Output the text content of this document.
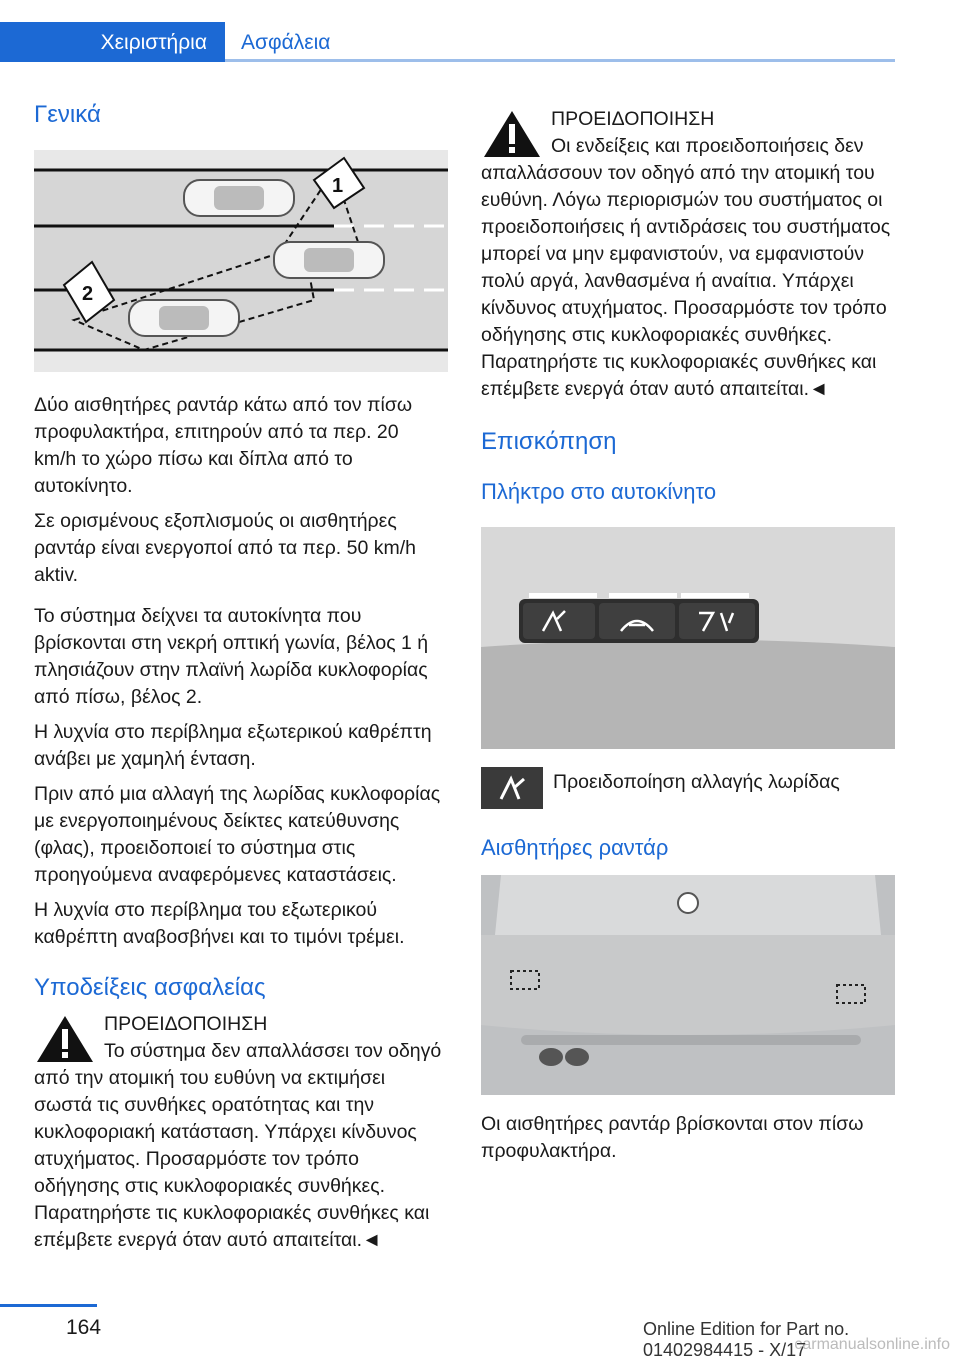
Χειριστήρια	Ασφάλεια
Γενικά
1
2

Δύο αισθητήρες ραντάρ κάτω από τον πίσω προφυλακτήρα, επιτηρούν από τα περ. 20 km/h το χώρο πίσω και δίπλα από το αυτοκίνητο.

Σε ορισμένους εξοπλισμούς οι αισθητήρες ραντάρ είναι ενεργοποί από τα περ. 50 km/h aktiv.

Το σύστημα δείχνει τα αυτοκίνητα που βρίσκονται στη νεκρή οπτική γωνία, βέλος 1 ή πλησιάζουν στην πλαϊνή λωρίδα κυκλοφορίας από πίσω, βέλος 2.

Η λυχνία στο περίβλημα εξωτερικού καθρέπτη ανάβει με χαμηλή ένταση.

Πριν από μια αλλαγή της λωρίδας κυκλοφορίας με ενεργοποιημένους δείκτες κατεύθυνσης (φλας), προειδοποιεί το σύστημα στις προηγούμενα αναφερόμενες καταστάσεις.

Η λυχνία στο περίβλημα του εξωτερικού καθρέπτη αναβοσβήνει και το τιμόνι τρέμει.

Υποδείξεις ασφαλείας

ΠΡΟΕΙΔΟΠΟΙΗΣΗ

Το σύστημα δεν απαλλάσσει τον οδηγό από την ατομική του ευθύνη να εκτιμήσει σωστά τις συνθήκες ορατότητας και την κυκλοφοριακή κατάσταση. Υπάρχει κίνδυνος ατυχήματος. Προσαρμόστε τον τρόπο οδήγησης στις κυκλοφοριακές συνθήκες. Παρατηρήστε τις κυκλοφοριακές συνθήκες και επέμβετε ενεργά όταν αυτό απαιτείται.◄

ΠΡΟΕΙΔΟΠΟΙΗΣΗ

Οι ενδείξεις και προειδοποιήσεις δεν απαλλάσσουν τον οδηγό από την ατομική του ευθύνη. Λόγω περιορισμών του συστήματος οι προειδοποιήσεις ή αντιδράσεις του συστήματος μπορεί να μην εμφανιστούν, να εμφανιστούν πολύ αργά, λανθασμένα ή αναίτια. Υπάρχει κίνδυνος ατυχήματος. Προσαρμόστε τον τρόπο οδήγησης στις κυκλοφοριακές συνθήκες. Παρατηρήστε τις κυκλοφοριακές συνθήκες και επέμβετε ενεργά όταν αυτό απαιτείται.◄

Επισκόπηση
Πλήκτρο στο αυτοκίνητο

Προειδοποίηση αλλαγής λωρίδας

Αισθητήρες ραντάρ

Οι αισθητήρες ραντάρ βρίσκονται στον πίσω προφυλακτήρα.

164	Online Edition for Part no. 01402984415 - X/17
carmanualsonline.info
